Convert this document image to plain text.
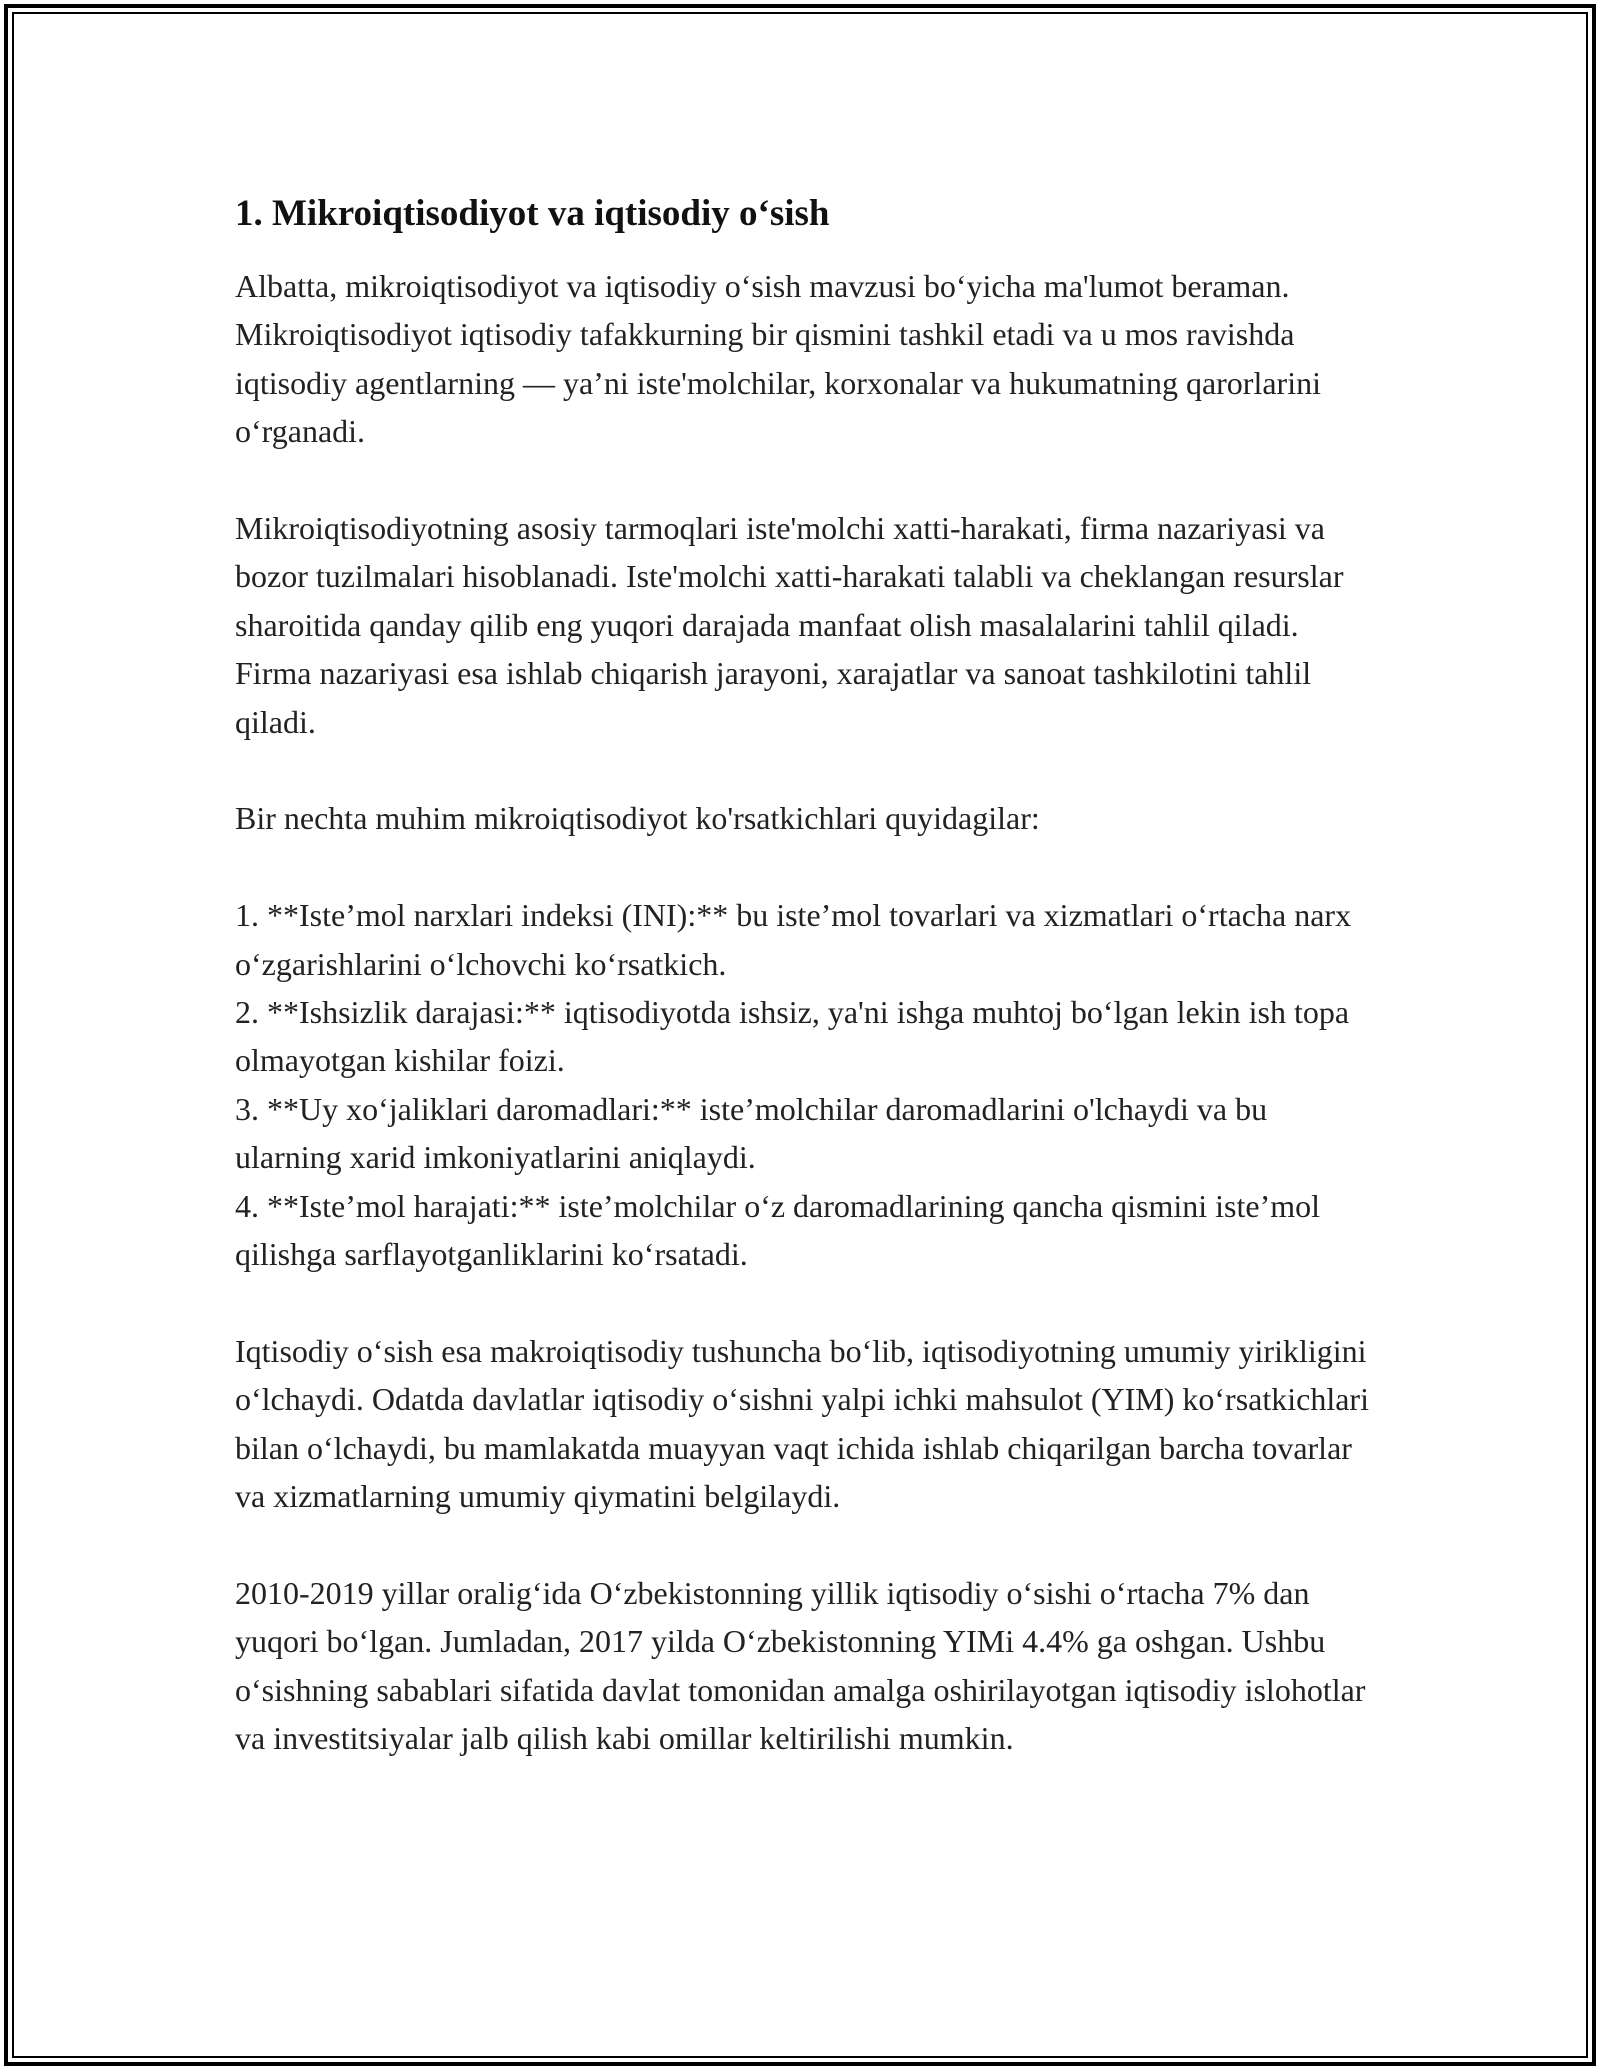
1. Mikroiqtisodiyot va iqtisodiy o‘sish

Albatta, mikroiqtisodiyot va iqtisodiy o‘sish mavzusi bo‘yicha ma'lumot beraman. Mikroiqtisodiyot iqtisodiy tafakkurning bir qismini tashkil etadi va u mos ravishda iqtisodiy agentlarning — ya’ni iste'molchilar, korxonalar va hukumatning qarorlarini o‘rganadi.

Mikroiqtisodiyotning asosiy tarmoqlari iste'molchi xatti-harakati, firma nazariyasi va bozor tuzilmalari hisoblanadi. Iste'molchi xatti-harakati talabli va cheklangan resurslar sharoitida qanday qilib eng yuqori darajada manfaat olish masalalarini tahlil qiladi. Firma nazariyasi esa ishlab chiqarish jarayoni, xarajatlar va sanoat tashkilotini tahlil qiladi.

Bir nechta muhim mikroiqtisodiyot ko'rsatkichlari quyidagilar:

1. **Iste’mol narxlari indeksi (INI):** bu iste’mol tovarlari va xizmatlari o‘rtacha narx o‘zgarishlarini o‘lchovchi ko‘rsatkich.

2. **Ishsizlik darajasi:** iqtisodiyotda ishsiz, ya'ni ishga muhtoj bo‘lgan lekin ish topa olmayotgan kishilar foizi.

3. **Uy xo‘jaliklari daromadlari:** iste’molchilar daromadlarini o'lchaydi va bu ularning xarid imkoniyatlarini aniqlaydi.

4. **Iste’mol harajati:** iste’molchilar o‘z daromadlarining qancha qismini iste’mol qilishga sarflayotganliklarini ko‘rsatadi.

Iqtisodiy o‘sish esa makroiqtisodiy tushuncha bo‘lib, iqtisodiyotning umumiy yirikligini o‘lchaydi. Odatda davlatlar iqtisodiy o‘sishni yalpi ichki mahsulot (YIM) ko‘rsatkichlari bilan o‘lchaydi, bu mamlakatda muayyan vaqt ichida ishlab chiqarilgan barcha tovarlar va xizmatlarning umumiy qiymatini belgilaydi.

2010-2019 yillar oralig‘ida O‘zbekistonning yillik iqtisodiy o‘sishi o‘rtacha 7% dan yuqori bo‘lgan. Jumladan, 2017 yilda O‘zbekistonning YIMi 4.4% ga oshgan. Ushbu o‘sishning sabablari sifatida davlat tomonidan amalga oshirilayotgan iqtisodiy islohotlar va investitsiyalar jalb qilish kabi omillar keltirilishi mumkin.
